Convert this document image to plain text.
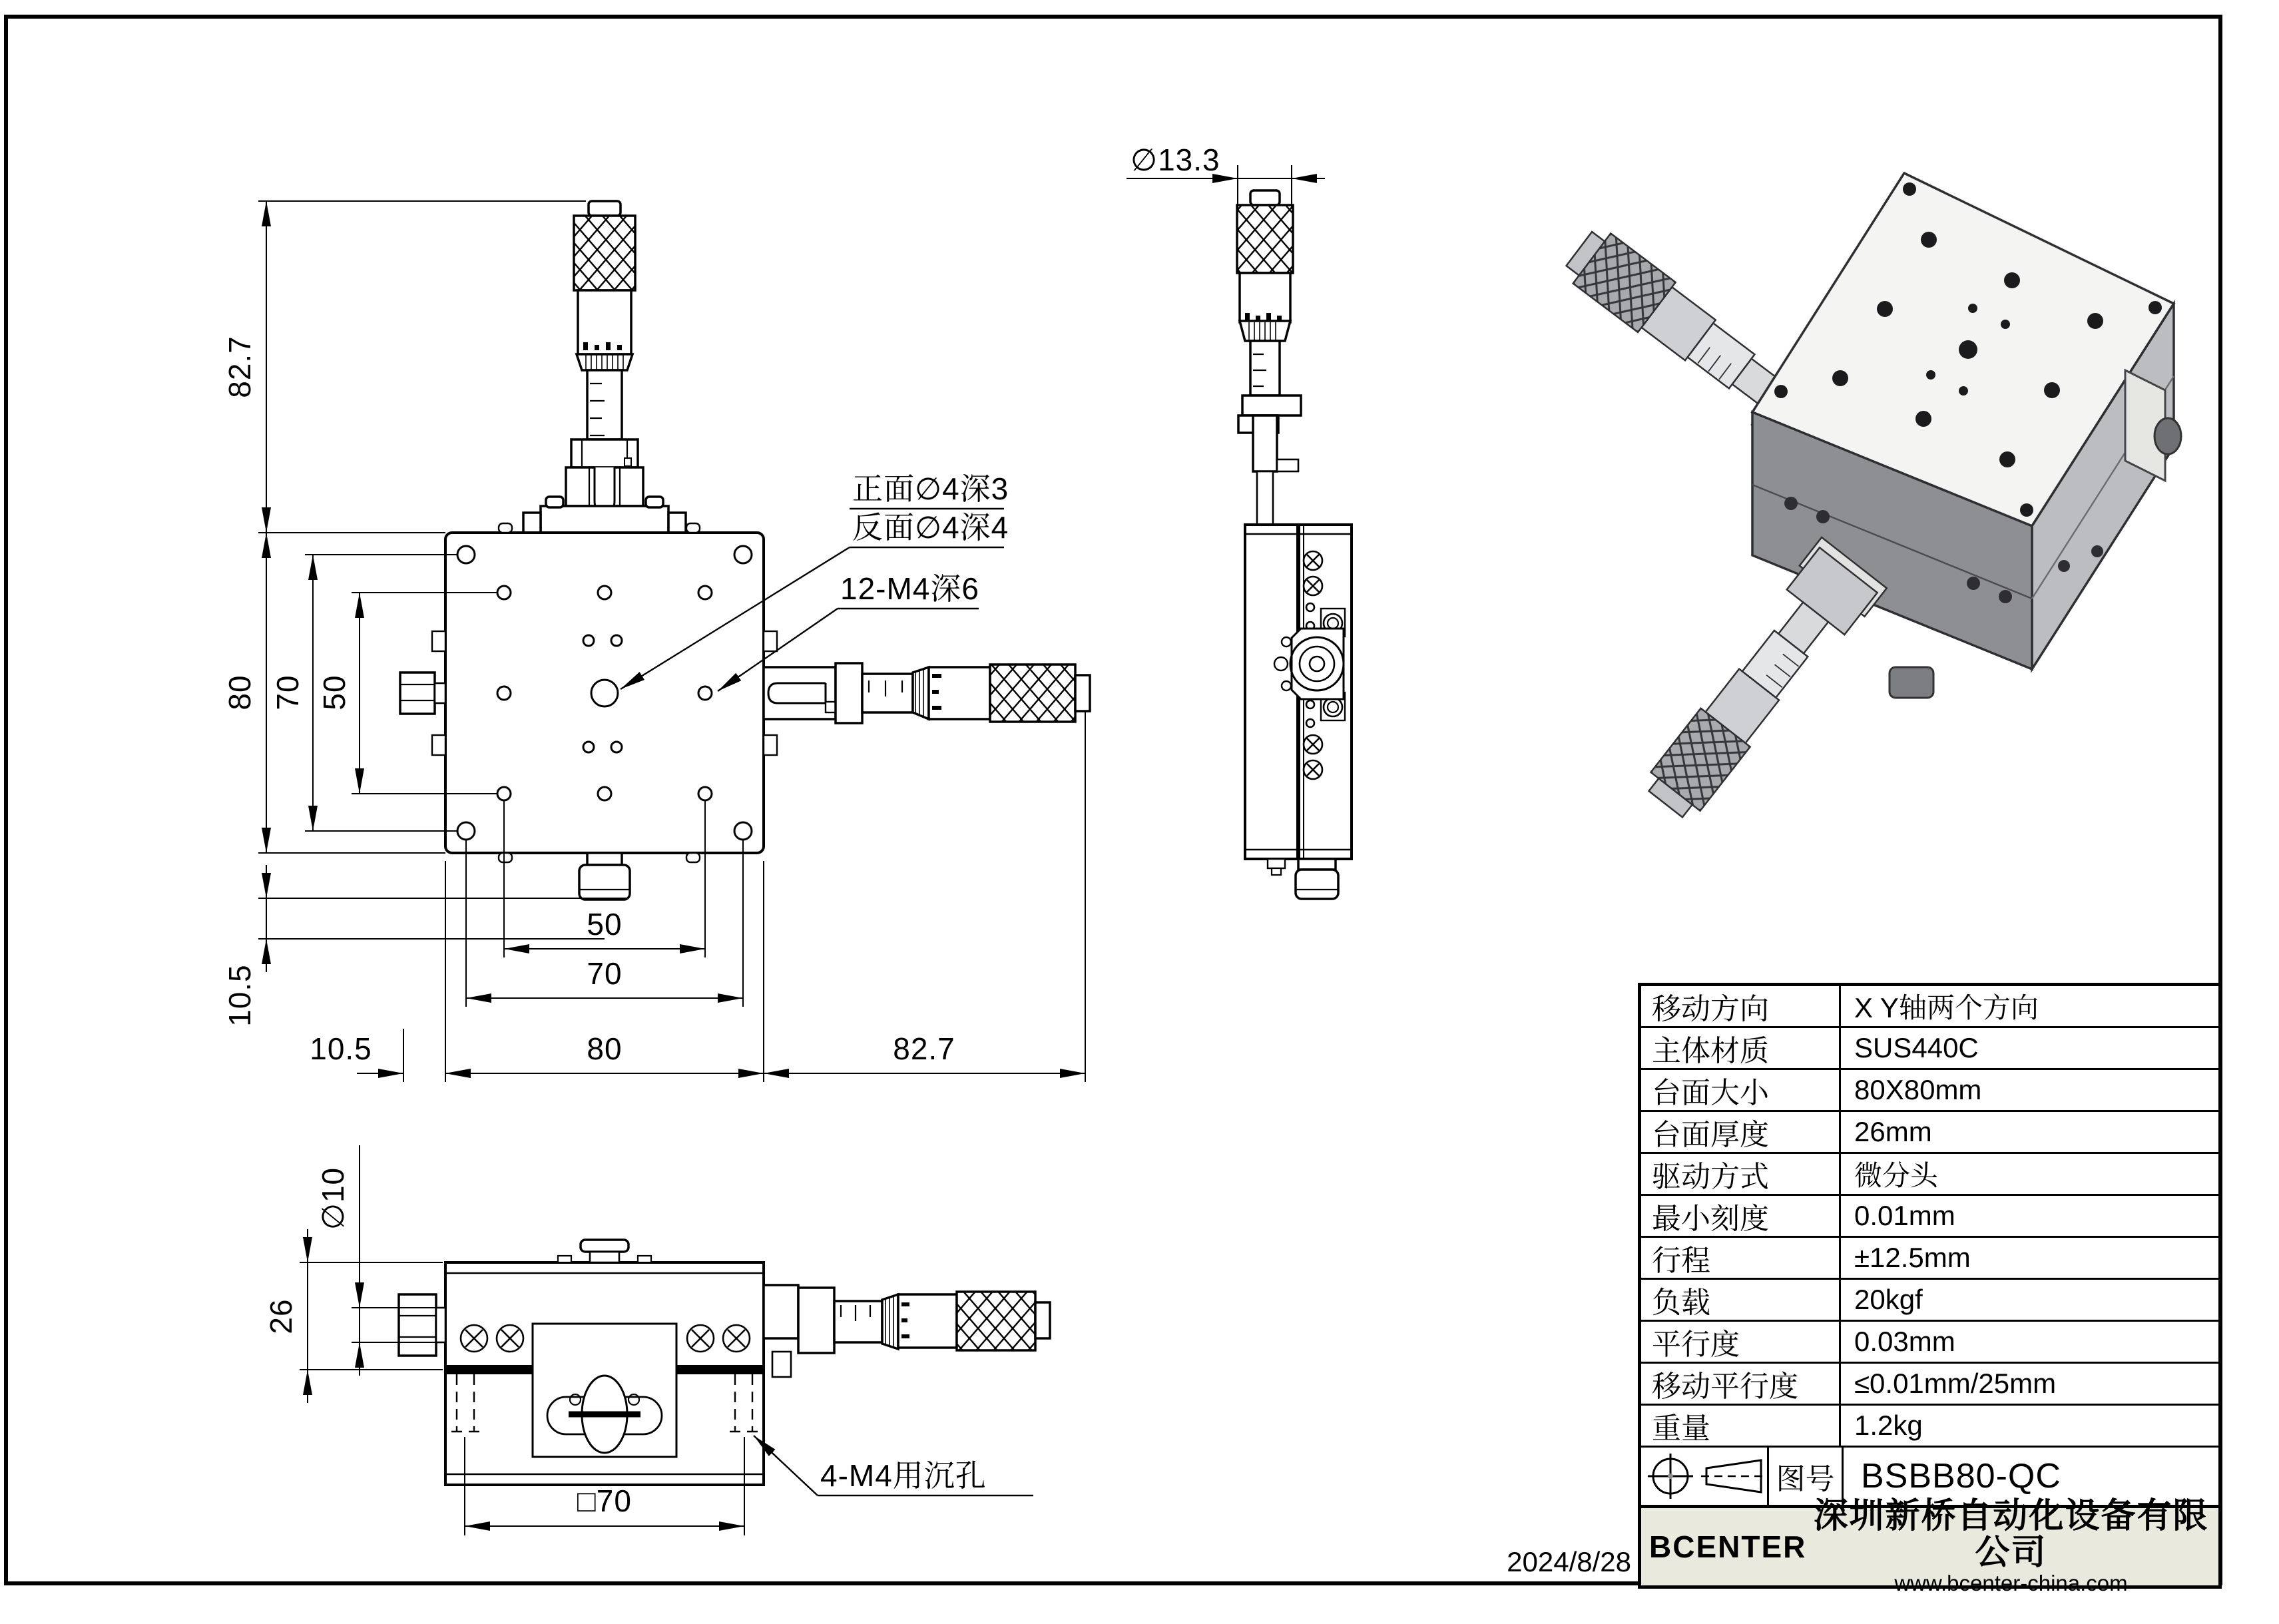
82.7
80 70 50
10.5
50
70
80	82.7
10.5
正面∅4深3
反面∅4深4
12-M4深6
∅13.3
□70
26
∅10
4-M4用沉孔
移动方向	X Y轴两个方向
主体材质	SUS440C
台面大小	80X80mm
台面厚度	26mm
驱动方式	微分头
最小刻度	0.01mm
行程	±12.5mm
负载	20kgf
平行度	0.03mm
移动平行度	≤0.01mm/25mm
重量	1.2kg
图号 BSBB80-QC
BCENTER
深圳新桥自动化设备有限公司
www.bcenter-china.com
2024/8/28
